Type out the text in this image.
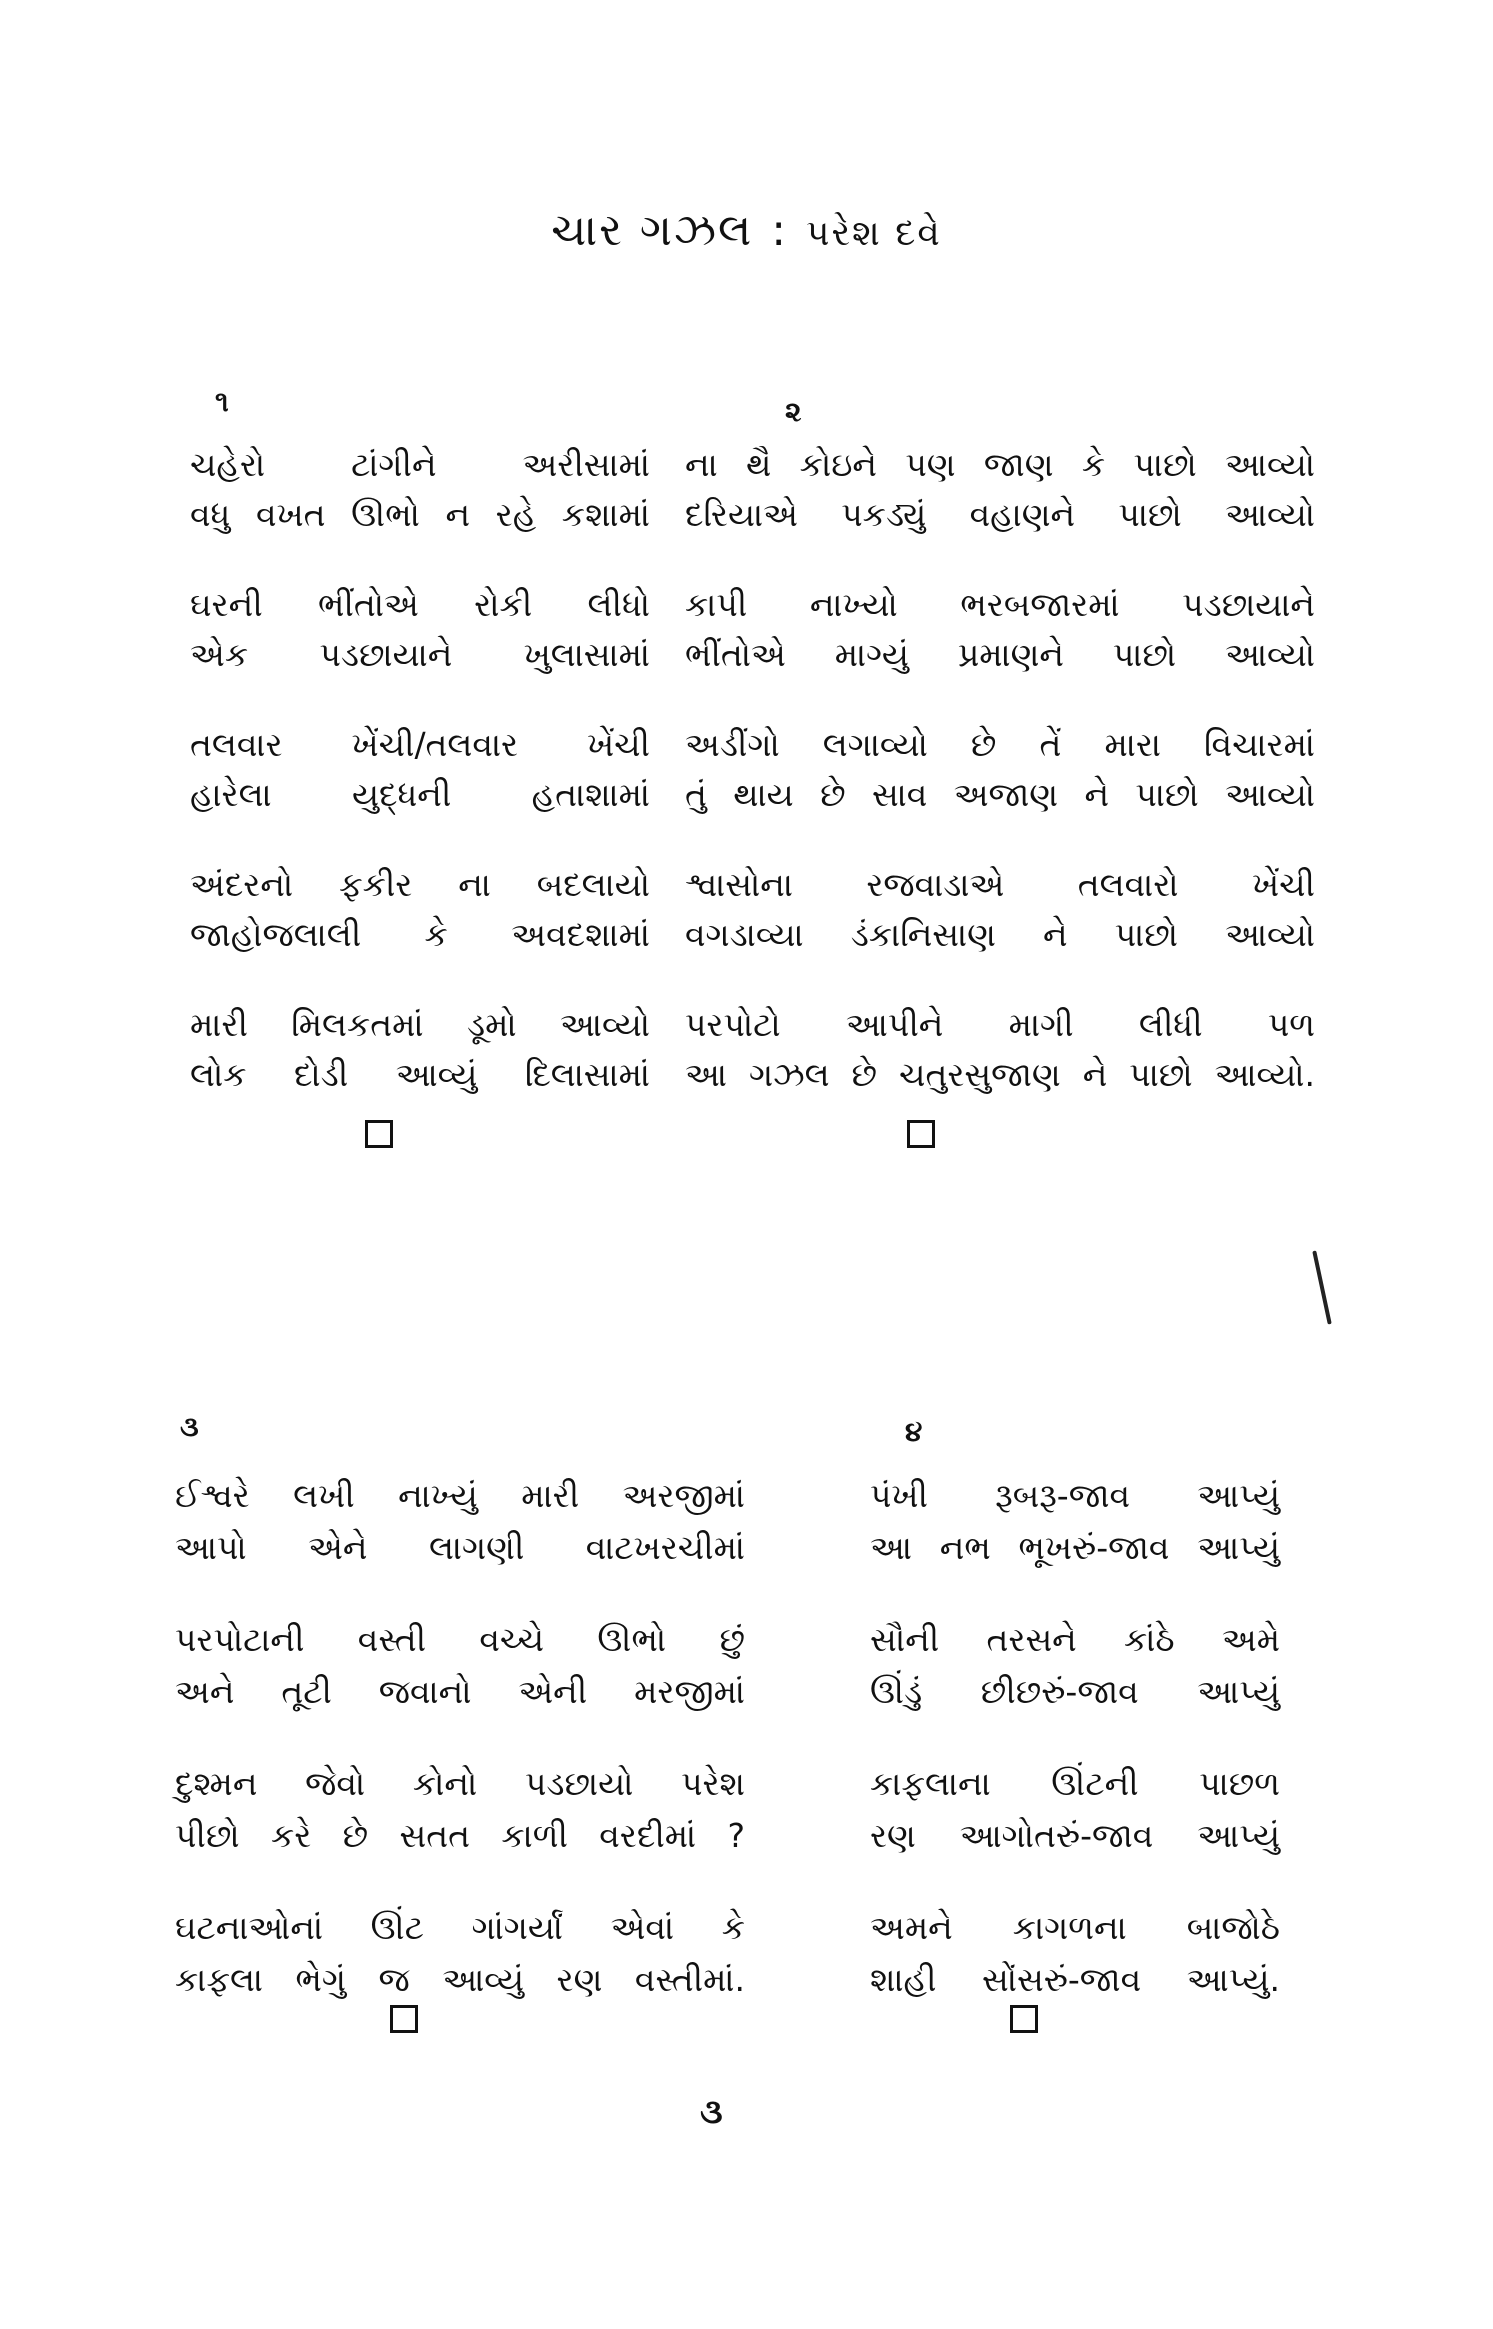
ચાર ગઝલ : પરેશ દવે
૧
ચહેરો ટાંગીને અરીસામાં
વધુ વખત ઊભો ન રહે કશામાં
ઘરની ભીંતોએ રોકી લીધો
એક પડછાયાને ખુલાસામાં
તલવાર ખેંચી/તલવાર ખેંચી
હારેલા યુદ્ધની હતાશામાં
અંદરનો ફકીર ના બદલાયો
જાહોજલાલી કે અવદશામાં
મારી મિલકતમાં ડૂમો આવ્યો
લોક દોડી આવ્યું દિલાસામાં
૨
ના થૈ કોઇને પણ જાણ કે પાછો આવ્યો
દરિયાએ પકડ્યું વહાણને પાછો આવ્યો
કાપી નાખ્યો ભરબજારમાં પડછાયાને
ભીંતોએ માગ્યું પ્રમાણને પાછો આવ્યો
અડીંગો લગાવ્યો છે તેં મારા વિચારમાં
તું થાય છે સાવ અજાણ ને પાછો આવ્યો
શ્વાસોના રજવાડાએ તલવારો ખેંચી
વગડાવ્યા ડંકાનિસાણ ને પાછો આવ્યો
પરપોટો આપીને માગી લીધી પળ
આ ગઝલ છે ચતુરસુજાણ ને પાછો આવ્યો.
૩
ઈશ્વરે લખી નાખ્યું મારી અરજીમાં
આપો એને લાગણી વાટખરચીમાં
પરપોટાની વસ્તી વચ્ચે ઊભો છું
અને તૂટી જવાનો એની મરજીમાં
દુશ્મન જેવો કોનો પડછાયો પરેશ
પીછો કરે છે સતત કાળી વરદીમાં ?
ઘટનાઓનાં ઊંટ ગાંગર્યાં એવાં કે
કાફલા ભેગું જ આવ્યું રણ વસ્તીમાં.
૪
પંખી રૂબરૂ-જાવ આપ્યું
આ નભ ભૂખરું-જાવ આપ્યું
સૌની તરસને કાંઠે અમે
ઊંડું છીછરું-જાવ આપ્યું
કાફલાના ઊંટની પાછળ
રણ આગોતરું-જાવ આપ્યું
અમને કાગળના બાજોઠે
શાહી સોંસરું-જાવ આપ્યું.
૩
